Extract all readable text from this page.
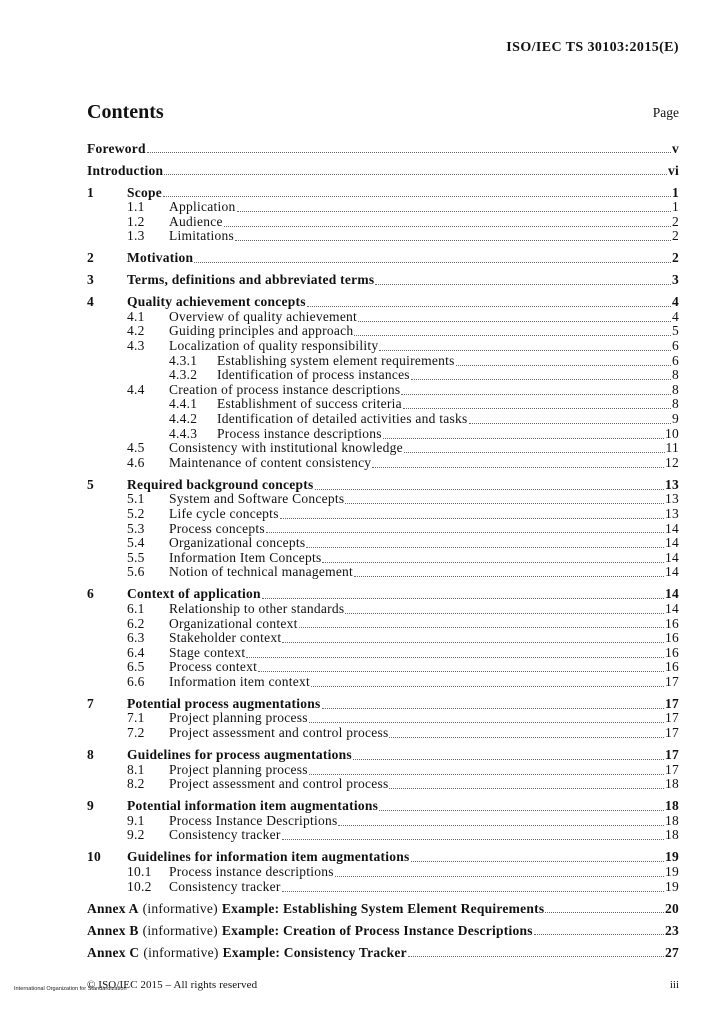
ISO/IEC TS 30103:2015(E)
Contents	Page
Foreword	v
Introduction	vi
1	Scope	1
1.1	Application	1
1.2	Audience	2
1.3	Limitations	2
2	Motivation	2
3	Terms, definitions and abbreviated terms	3
4	Quality achievement concepts	4
4.1	Overview of quality achievement	4
4.2	Guiding principles and approach	5
4.3	Localization of quality responsibility	6
4.3.1	Establishing system element requirements	6
4.3.2	Identification of process instances	8
4.4	Creation of process instance descriptions	8
4.4.1	Establishment of success criteria	8
4.4.2	Identification of detailed activities and tasks	9
4.4.3	Process instance descriptions	10
4.5	Consistency with institutional knowledge	11
4.6	Maintenance of content consistency	12
5	Required background concepts	13
5.1	System and Software Concepts	13
5.2	Life cycle concepts	13
5.3	Process concepts	14
5.4	Organizational concepts	14
5.5	Information Item Concepts	14
5.6	Notion of technical management	14
6	Context of application	14
6.1	Relationship to other standards	14
6.2	Organizational context	16
6.3	Stakeholder context	16
6.4	Stage context	16
6.5	Process context	16
6.6	Information item context	17
7	Potential process augmentations	17
7.1	Project planning process	17
7.2	Project assessment and control process	17
8	Guidelines for process augmentations	17
8.1	Project planning process	17
8.2	Project assessment and control process	18
9	Potential information item augmentations	18
9.1	Process Instance Descriptions	18
9.2	Consistency tracker	18
10	Guidelines for information item augmentations	19
10.1	Process instance descriptions	19
10.2	Consistency tracker	19
Annex A (informative) Example: Establishing System Element Requirements	20
Annex B (informative) Example: Creation of Process Instance Descriptions	23
Annex C (informative) Example: Consistency Tracker	27
© ISO/IEC 2015 – All rights reserved
International Organization for Standardization	iii
